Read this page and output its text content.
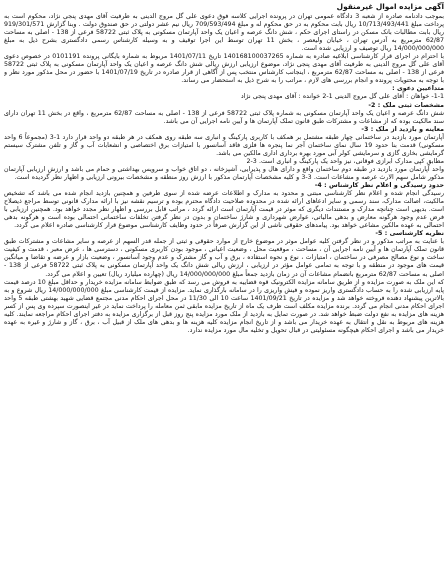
آگهی مزایده اموال غیرمنقول

بموجب دادنامه صادره از شعبه 3 دادگاه عمومی تهران در پرونده اجرایی کلاسه فوق دعوی علی گل مروج الدینی به طرفیت آقای مهدی پنجی نژاد، محکوم است به پرداخت مبلغ 10/713/493/441 ریال بابت محکوم به در حق محکوم له و مبلغ 709/593/494 ریال نیم عشر دولتی در حق صندوق دولت . وبنا گزارش 919/301/571 ریال بابت مطالبات بانک مسکن در راستای اجرای حکم ، شش دانگ عرصه و اعیان یک واحد آپارتمان مسکونی به پلاک ثبتی 58722 فرعی از 138 - اصلی به مساحت 62/87 مترمربع به آدرس تهران ، خیابان ولیعصر ، بخش 11 تهران توسط این اجرا توقیف و به وسیله کارشناس رسمی دادگستری بشرح ذیل به مبلغ 14/000/000/000 ریال توصیف و ارزیابی شده است.

با احترام در اجرای قرار کارشناسی ابلاغیه صادره به شماره 140168100037265 تاریخ 1401/07/11 مربوط به شماره بایگانی پرونده 0101191 در خصوص دعوی آقای علی گل مروج الدینی به طرفیت آقای مهدی پنجی نژاد، موضوع ارزیابی ارزش ریالی شش دانگ عرصه و اعیان یک واحد آپارتمان مسکونی به پلاک ثبتی 58722 فرعی از 138 - اصلی به مساحت 62/87 مترمربع ، اینجانب کارشناس منتخب پس از آگاهی از قرار صادره در تاریخ 1401/07/19 با حضور در محل مذکور مورد نظر و با توجه به محتویات پرونده و انجام بررسی های لازم ، مراتب را به شرح ذیل به استحضار می رساند.

متداعیین دعوی :

1-1- خواهان : آقای علی گل مروج الدینی 1-2 خوانده : آقای مهدی پنجی نژاد

مشخصات ثبتی ملک : 2-

شش دانگ عرصه و اعیان یک واحد آپارتمان مسکونی به شماره پلاک ثبتی 58722 فرعی از 138 - اصلی به مساحت 62/87 مترمربع ، واقع در بخش 11 تهران دارای سند مالکیت بوده که از مشاعات و مشترکات طبق قانون تملک آپارتمان ها و آیین نامه اجرایی آن می باشد.

معاینه و بازدید از ملک : 3-

آپارتمان مورد بازدید در ساختمانی چهار طبقه مشتمل بر همکف با کاربری پارکینگ و انباری سه طبقه روی همکف در هر طبقه دو واحد قرار دارد 1-3 (مجموعاً 6 واحد مسکونی) قدمت بنا حدود 19 سال نمای ساختمان آجر نما پنجره ها فلزی فاقد آسانسور با امتیازات برق اختصاصی و انشعابات آب و گاز و تلفن مشترک سیستم گرمایشی بخاری گازی و سرمایشی کولر آبی مورد بهره برداری اداری مالکین می باشد.

مطابق کپی مدارک ابرازی فوقانی، نیز واحد یک پارکینگ و انباری است. 3-2

واحد آپارتمان مورد بازدید در طبقه دوم ساختمان واقع و دارای هال و پذیرایی، آشپزخانه ، دو اتاق خواب و سرویس بهداشتی و حمام می باشد و ارزش ارزیابی آپارتمان مذکور شامل سهم الارث عرصه و مشاعات است. 3-3 و کلیه مشخصات آپارتمان مذکور با ارزش روز منطقه و مشخصات بیرونی ارزیابی و اظهار نظر گردیده است.

حدود رسیدگی و اعلام نظر کارشناس : 4-

رسیدگی انجام شده و اعلام نظر کارشناسی مبتنی و محدود به مدارک و اطلاعات عرضه شده از سوی طرفین و همچنین بازدید انجام شده می باشد که تشخیص مالکیت، اصالت مدارک، سند رسمی و سایر ادعاهای ارائه شده در محدوده صلاحیت دادگاه محترم بوده و ترسیم نقشه نیز با ارائه مدارک قانونی توسط مراجع ذیصلاح است. بدیهی است چنانچه مدارک و مستندات دیگری که موثر در قیمت آپارتمان است ارائه گردد ، مراتب قابل بررسی و اظهار نظر مجدد خواهد بود. همچنین ارزیابی با فرض عدم وجود هرگونه معارض و بدهی مالیاتی، عوارض شهرداری و شارژ ساختمان و بدون در نظر گرفتن تخلفات ساختمانی احتمالی بوده است و هرگونه بدهی احتمالی به عهده مالکین مشاعی خواهد بود. پیامدهای حقوقی ناشی از این گزارش صرفاً در حدود وظایف کارشناسی موضوع قرار کارشناسی صادره اعلام می گردد.

نظریه کارشناسی : 5-

با عنایت به مراتب مذکور و در نظر گرفتن کلیه عوامل موثر در موضوع خارج از موارد حقوقی و ثبتی از جمله قدر السهم از عرصه و سایر مشاعات و مشترکات طبق قانون تملک آپارتمان ها و آیین نامه اجرایی آن ، مساحت ، موقعیت محل ، وضعیت اعیانی ، موجود بودن کاربری مسکونی ، دسترسی ها ، عرض معبر ، قدمت و کیفیت ساخت و نوع مصالح مصرفی در ساختمان ، امتیازات ، نوع و نحوه استفاده ، برق و آب و گاز مشترک و عدم وجود آسانسور ، وضعیت بازار و عرضه و تقاضا و میانگین قیمت های موجود در منطقه و با توجه به تمامی عوامل مؤثر در ارزیابی ، ارزش ریالی شش دانگ یک واحد آپارتمان مسکونی به پلاک ثبتی 58722 فرعی از 138 - اصلی به مساحت 62/87 مترمربع بانضمام مشاعات آن در زمان بازدید جمعاً مبلغ 14/000/000/000 ریال (چهارده میلیارد ریال) تعیین و اعلام می گردد.

که این ملک به صورت مزایده و از طریق سامانه مزایده الکترونیک قوه قضاییه به فروش می رسد که طبق ضوابط سامانه مزایده خریدار و حداقل مبلغ 10 درصد قیمت پایه ارزیابی شده را به حساب دادگستری واریز نموده و فیش واریزی را در سامانه بارگذاری نماید. مزایده از قیمت کارشناسی مبلغ 14/000/000/000 ریال شروع و به بالاترین پیشنهاد دهنده فروخته خواهد شد و مزایده در تاریخ 1401/09/21 ساعت 10 الی 11/30 در محل اجرای احکام مدنی مجتمع قضایی شهید بهشتی طبقه 5 واحد اجرای احکام مدنی انجام می گردد. برنده مزایده مکلف است ظرف یک ماه از تاریخ مزایده مابقی ثمن معامله را پرداخت نماید در غیر اینصورت سپرده وی پس از کسر هزینه های مزایده به نفع دولت ضبط خواهد شد. در صورت تمایل به بازدید از ملک مورد مزایده پنج روز قبل از برگزاری مزایده به دفتر اجرای احکام مراجعه نمایند. کلیه هزینه های مربوط به نقل و انتقال به عهده خریدار می باشد و از تاریخ انجام مزایده کلیه هزینه ها و بدهی های ملک از قبیل آب ، برق ، گاز و شارژ و غیره به عهده خریدار می باشد و اجرای احکام هیچگونه مسئولیتی در قبال تحویل و تخلیه مال مورد مزایده ندارد.
